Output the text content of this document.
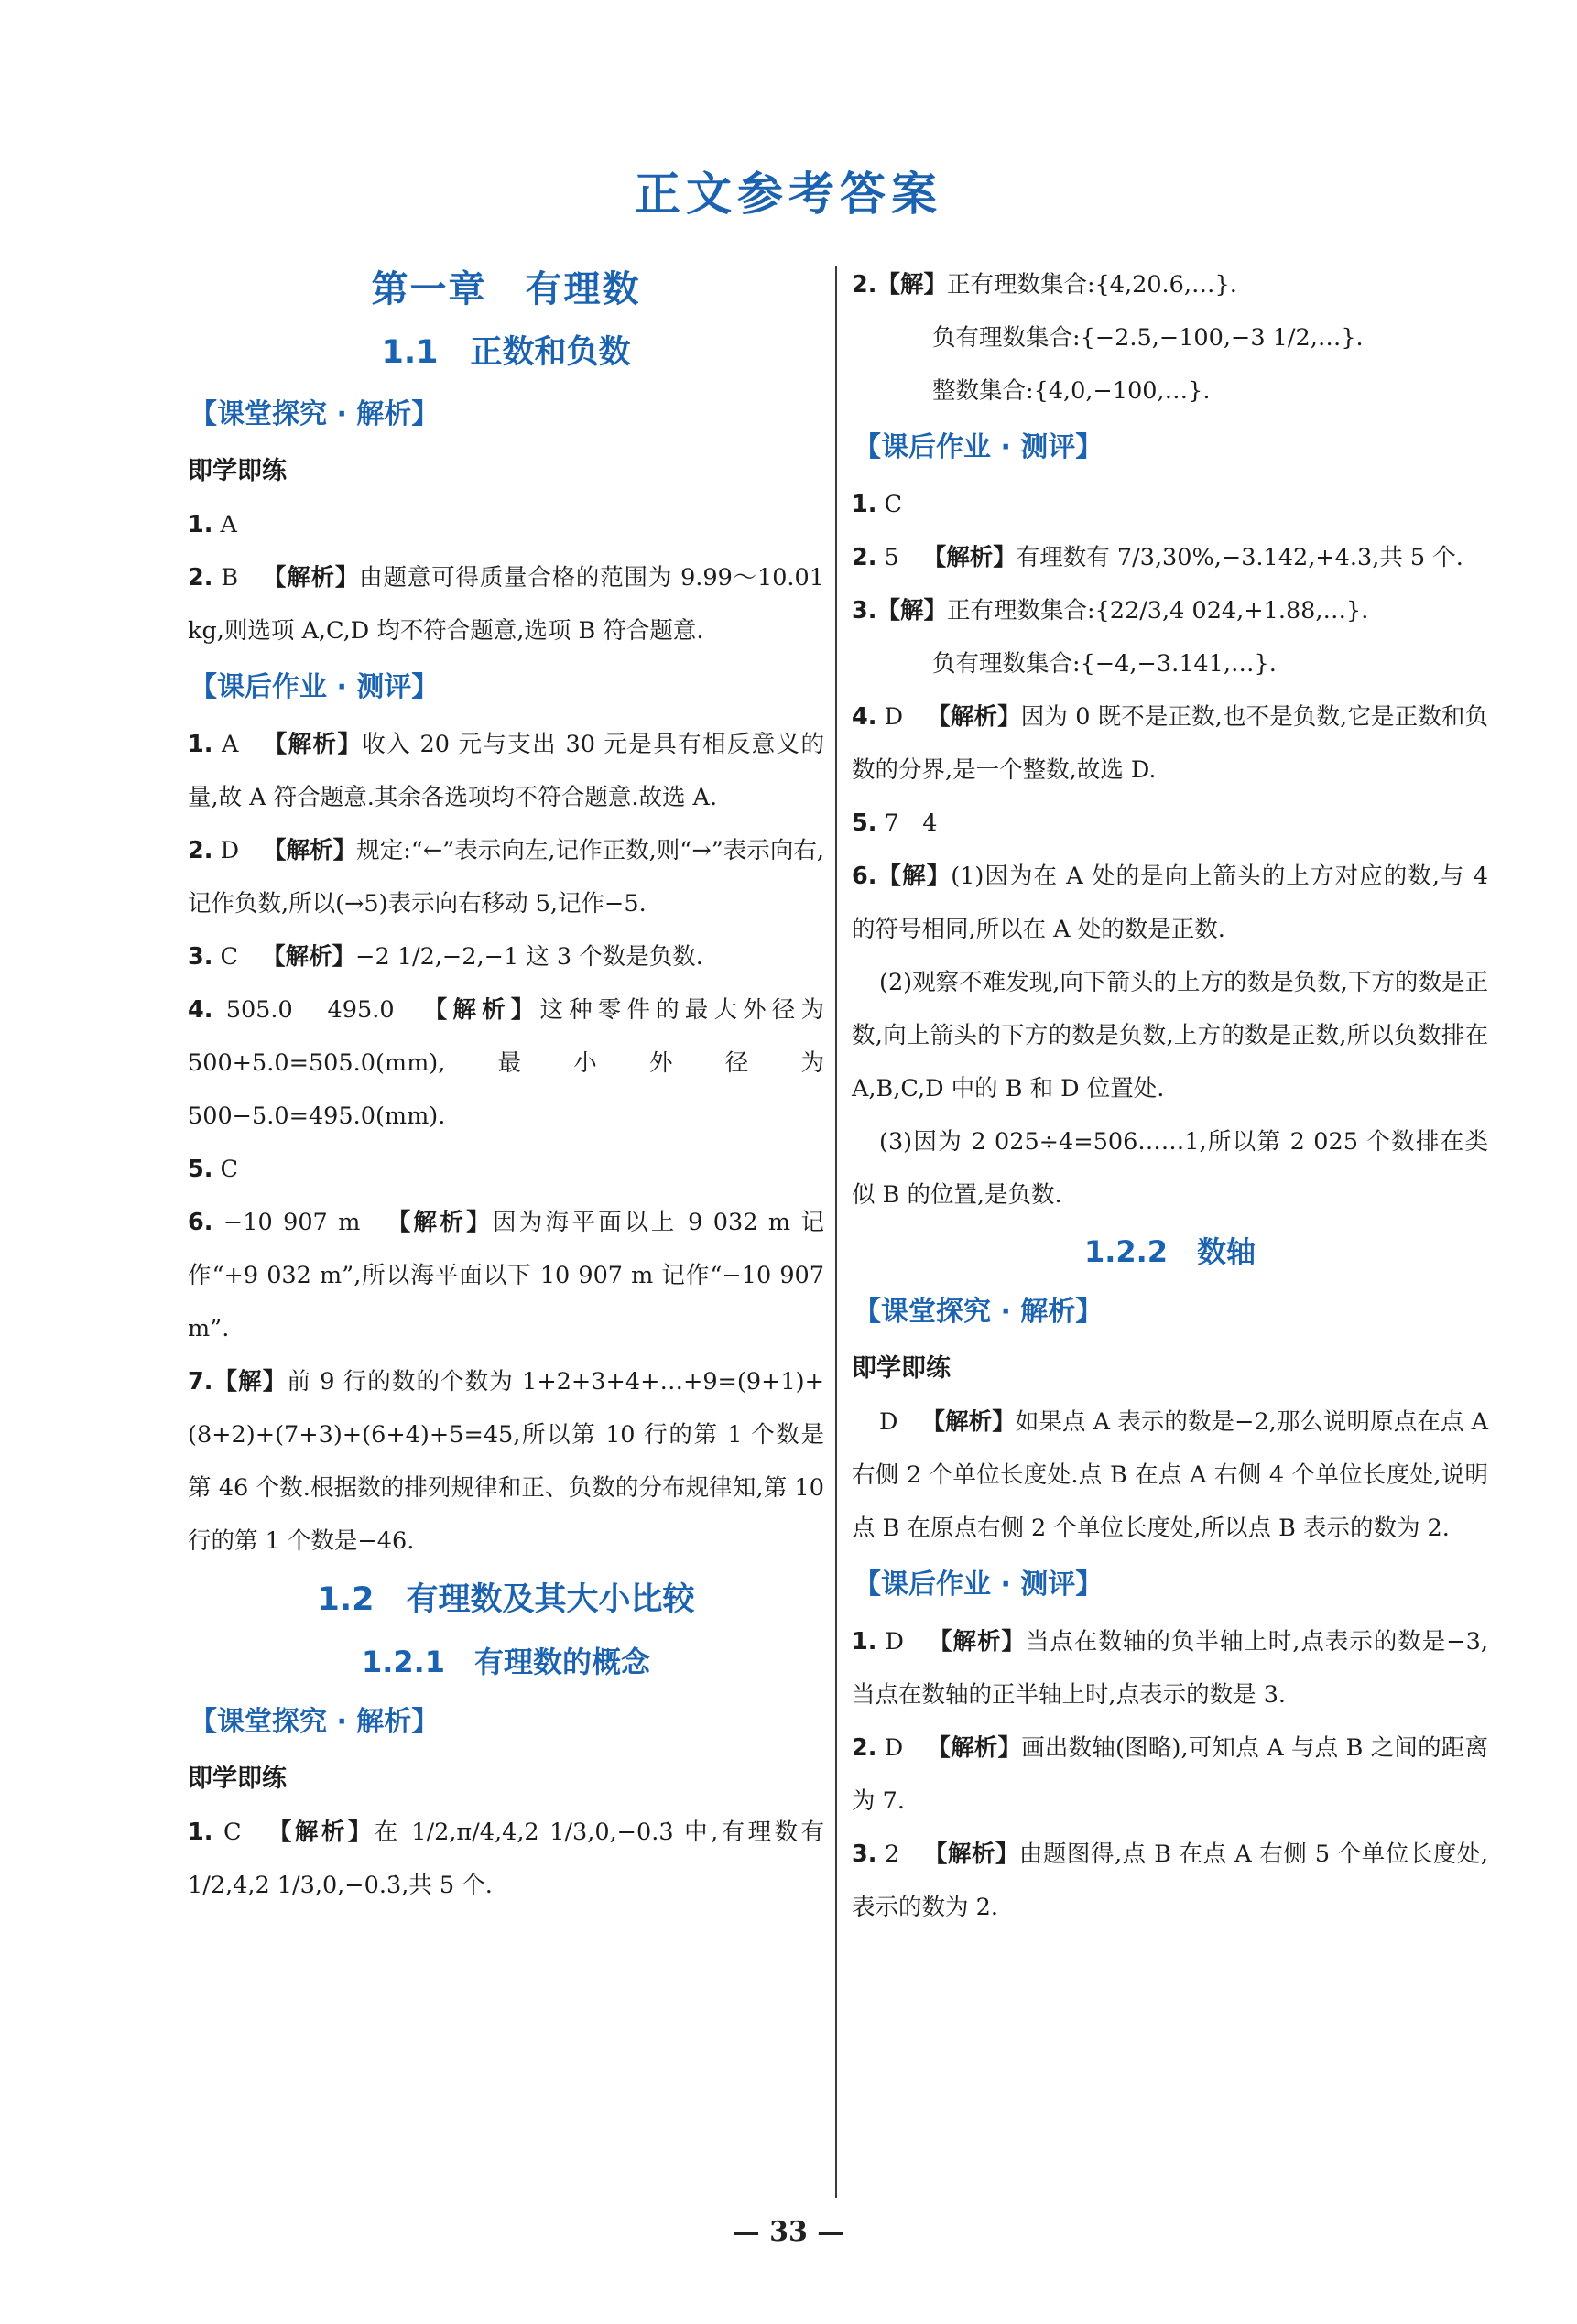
正文参考答案
第一章　有理数
1.1　正数和负数
【课堂探究 · 解析】
即学即练

1. A

2. B 【解析】由题意可得质量合格的范围为 9.99～10.01 kg,则选项 A,C,D 均不符合题意,选项 B 符合题意.

【课后作业 · 测评】

1. A 【解析】收入 20 元与支出 30 元是具有相反意义的量,故 A 符合题意.其余各选项均不符合题意.故选 A.

2. D 【解析】规定:“←”表示向左,记作正数,则“→”表示向右,记作负数,所以(→5)表示向右移动 5,记作−5.

3. C 【解析】−2 1/2,−2,−1 这 3 个数是负数.

4. 505.0　495.0 【解析】这种零件的最大外径为 500+5.0=505.0(mm),最小外径为 500−5.0=495.0(mm).

5. C

6. −10 907 m 【解析】因为海平面以上 9 032 m 记作“+9 032 m”,所以海平面以下 10 907 m 记作“−10 907 m”.

7.【解】前 9 行的数的个数为 1+2+3+4+…+9=(9+1)+(8+2)+(7+3)+(6+4)+5=45,所以第 10 行的第 1 个数是第 46 个数.根据数的排列规律和正、负数的分布规律知,第 10 行的第 1 个数是−46.

1.2　有理数及其大小比较
1.2.1　有理数的概念
【课堂探究 · 解析】
即学即练

1. C 【解析】在 1/2,π/4,4,2 1/3,0,−0.3̇ 中,有理数有 1/2,4,2 1/3,0,−0.3̇,共 5 个.

2.【解】正有理数集合:{4,20.6,…}.

负有理数集合:{−2.5,−100,−3 1/2,…}.

整数集合:{4,0,−100,…}.

【课后作业 · 测评】

1. C

2. 5 【解析】有理数有 7/3,30%,−3.142,+4.3,共 5 个.

3.【解】正有理数集合:{22/3,4 024,+1.88,…}.

负有理数集合:{−4,−3.141,…}.

4. D 【解析】因为 0 既不是正数,也不是负数,它是正数和负数的分界,是一个整数,故选 D.

5. 7　4

6.【解】(1)因为在 A 处的是向上箭头的上方对应的数,与 4 的符号相同,所以在 A 处的数是正数.

(2)观察不难发现,向下箭头的上方的数是负数,下方的数是正数,向上箭头的下方的数是负数,上方的数是正数,所以负数排在 A,B,C,D 中的 B 和 D 位置处.

(3)因为 2 025÷4=506……1,所以第 2 025 个数排在类似 B 的位置,是负数.

1.2.2　数轴
【课堂探究 · 解析】
即学即练

D 【解析】如果点 A 表示的数是−2,那么说明原点在点 A 右侧 2 个单位长度处.点 B 在点 A 右侧 4 个单位长度处,说明点 B 在原点右侧 2 个单位长度处,所以点 B 表示的数为 2.

【课后作业 · 测评】

1. D 【解析】当点在数轴的负半轴上时,点表示的数是−3,当点在数轴的正半轴上时,点表示的数是 3.

2. D 【解析】画出数轴(图略),可知点 A 与点 B 之间的距离为 7.

3. 2 【解析】由题图得,点 B 在点 A 右侧 5 个单位长度处,表示的数为 2.

— 33 —
